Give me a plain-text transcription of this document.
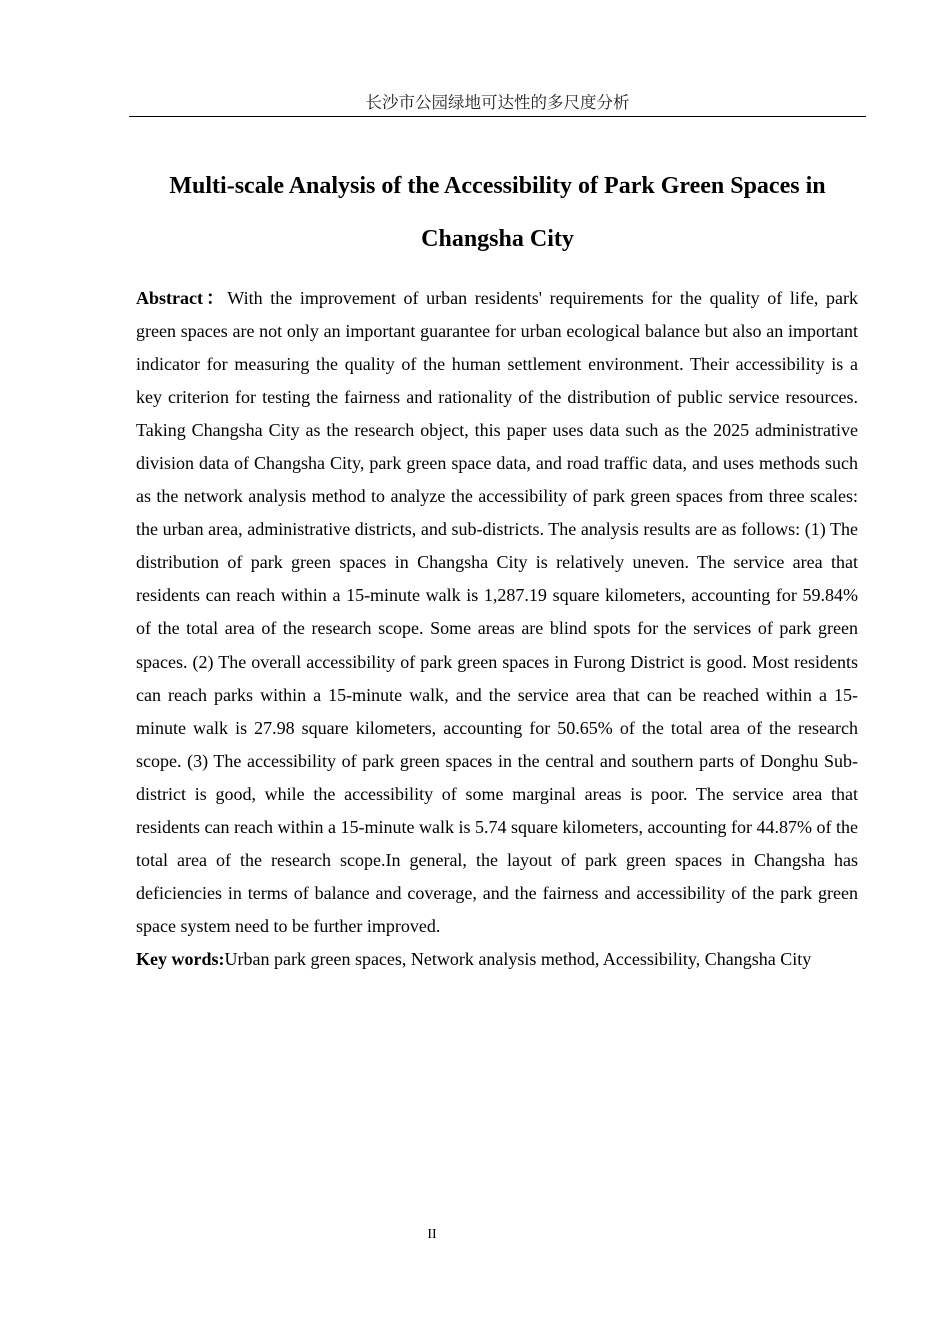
长沙市公园绿地可达性的多尺度分析
Multi-scale Analysis of the Accessibility of Park Green Spaces in Changsha City

Abstract：With the improvement of urban residents' requirements for the quality of life, park green spaces are not only an important guarantee for urban ecological balance but also an important indicator for measuring the quality of the human settlement environment. Their accessibility is a key criterion for testing the fairness and rationality of the distribution of public service resources. Taking Changsha City as the research object, this paper uses data such as the 2025 administrative division data of Changsha City, park green space data, and road traffic data, and uses methods such as the network analysis method to analyze the accessibility of park green spaces from three scales: the urban area, administrative districts, and sub-districts. The analysis results are as follows: (1) The distribution of park green spaces in Changsha City is relatively uneven. The service area that residents can reach within a 15-minute walk is 1,287.19 square kilometers, accounting for 59.84% of the total area of the research scope. Some areas are blind spots for the services of park green spaces. (2) The overall accessibility of park green spaces in Furong District is good. Most residents can reach parks within a 15-minute walk, and the service area that can be reached within a 15-minute walk is 27.98 square kilometers, accounting for 50.65% of the total area of the research scope. (3) The accessibility of park green spaces in the central and southern parts of Donghu Sub-district is good, while the accessibility of some marginal areas is poor. The service area that residents can reach within a 15-minute walk is 5.74 square kilometers, accounting for 44.87% of the total area of the research scope.In general, the layout of park green spaces in Changsha has deficiencies in terms of balance and coverage, and the fairness and accessibility of the park green space system need to be further improved.

Key words:Urban park green spaces, Network analysis method, Accessibility, Changsha City

II
